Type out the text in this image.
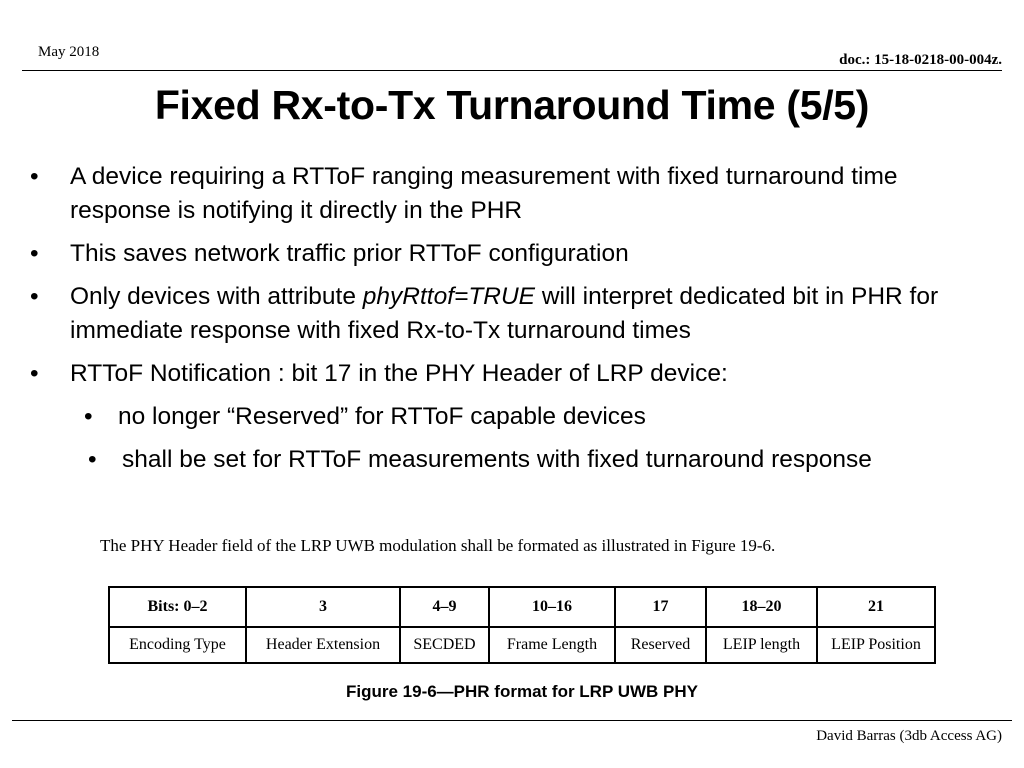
May 2018	doc.: 15-18-0218-00-004z.
Fixed Rx-to-Tx Turnaround Time (5/5)
• A device requiring a RTToF ranging measurement with fixed turnaround time response is notifying it directly in the PHR
• This saves network traffic prior RTToF configuration
• Only devices with attribute phyRttof=TRUE will interpret dedicated bit in PHR for immediate response with fixed Rx-to-Tx turnaround times
• RTToF Notification : bit 17 in the PHY Header of LRP device:
• no longer “Reserved” for RTToF capable devices
• shall be set for RTToF measurements with fixed turnaround response
The PHY Header field of the LRP UWB modulation shall be formated as illustrated in Figure 19-6.
Bits: 0–2	3	4–9	10–16	17	18–20	21
Encoding Type	Header Extension	SECDED	Frame Length	Reserved	LEIP length	LEIP Position
Figure 19-6—PHR format for LRP UWB PHY
David Barras (3db Access AG)
